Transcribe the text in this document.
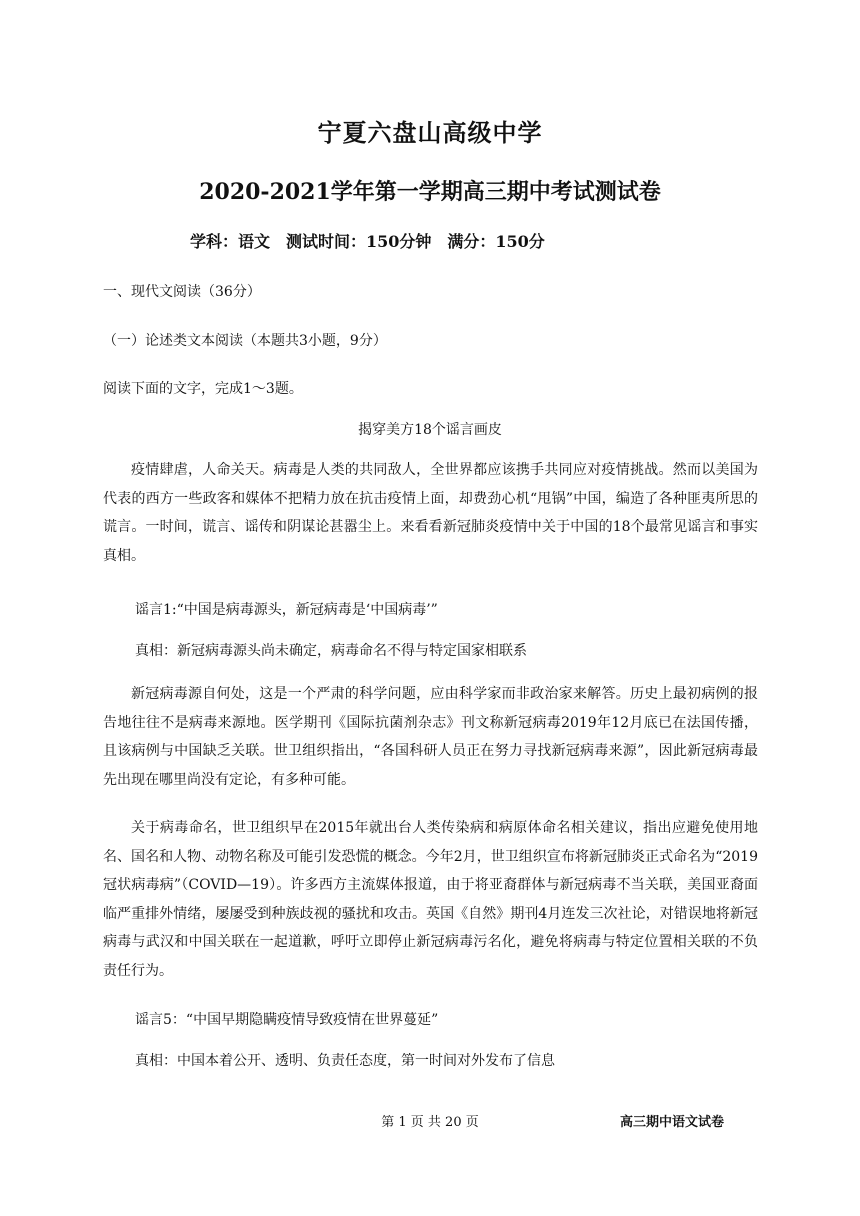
宁夏六盘山高级中学
2020-2021学年第一学期高三期中考试测试卷
学科：语文　测试时间：150分钟　满分：150分
一、现代文阅读（36分）
（一）论述类文本阅读（本题共3小题，9分）
阅读下面的文字，完成1～3题。
揭穿美方18个谣言画皮

疫情肆虐，人命关天。病毒是人类的共同敌人，全世界都应该携手共同应对疫情挑战。然而以美国为代表的西方一些政客和媒体不把精力放在抗击疫情上面，却费劲心机“甩锅”中国，编造了各种匪夷所思的谎言。一时间，谎言、谣传和阴谋论甚嚣尘上。来看看新冠肺炎疫情中关于中国的18个最常见谣言和事实真相。

谣言1:“中国是病毒源头，新冠病毒是‘中国病毒’”
真相：新冠病毒源头尚未确定，病毒命名不得与特定国家相联系

新冠病毒源自何处，这是一个严肃的科学问题，应由科学家而非政治家来解答。历史上最初病例的报告地往往不是病毒来源地。医学期刊《国际抗菌剂杂志》刊文称新冠病毒2019年12月底已在法国传播，且该病例与中国缺乏关联。世卫组织指出，“各国科研人员正在努力寻找新冠病毒来源”，因此新冠病毒最先出现在哪里尚没有定论，有多种可能。

关于病毒命名，世卫组织早在2015年就出台人类传染病和病原体命名相关建议，指出应避免使用地名、国名和人物、动物名称及可能引发恐慌的概念。今年2月，世卫组织宣布将新冠肺炎正式命名为“2019冠状病毒病”（COVID—19）。许多西方主流媒体报道，由于将亚裔群体与新冠病毒不当关联，美国亚裔面临严重排外情绪，屡屡受到种族歧视的骚扰和攻击。英国《自然》期刊4月连发三次社论，对错误地将新冠病毒与武汉和中国关联在一起道歉，呼吁立即停止新冠病毒污名化，避免将病毒与特定位置相关联的不负责任行为。

谣言5：“中国早期隐瞒疫情导致疫情在世界蔓延”
真相：中国本着公开、透明、负责任态度，第一时间对外发布了信息
第 1 页 共 20 页	高三期中语文试卷
